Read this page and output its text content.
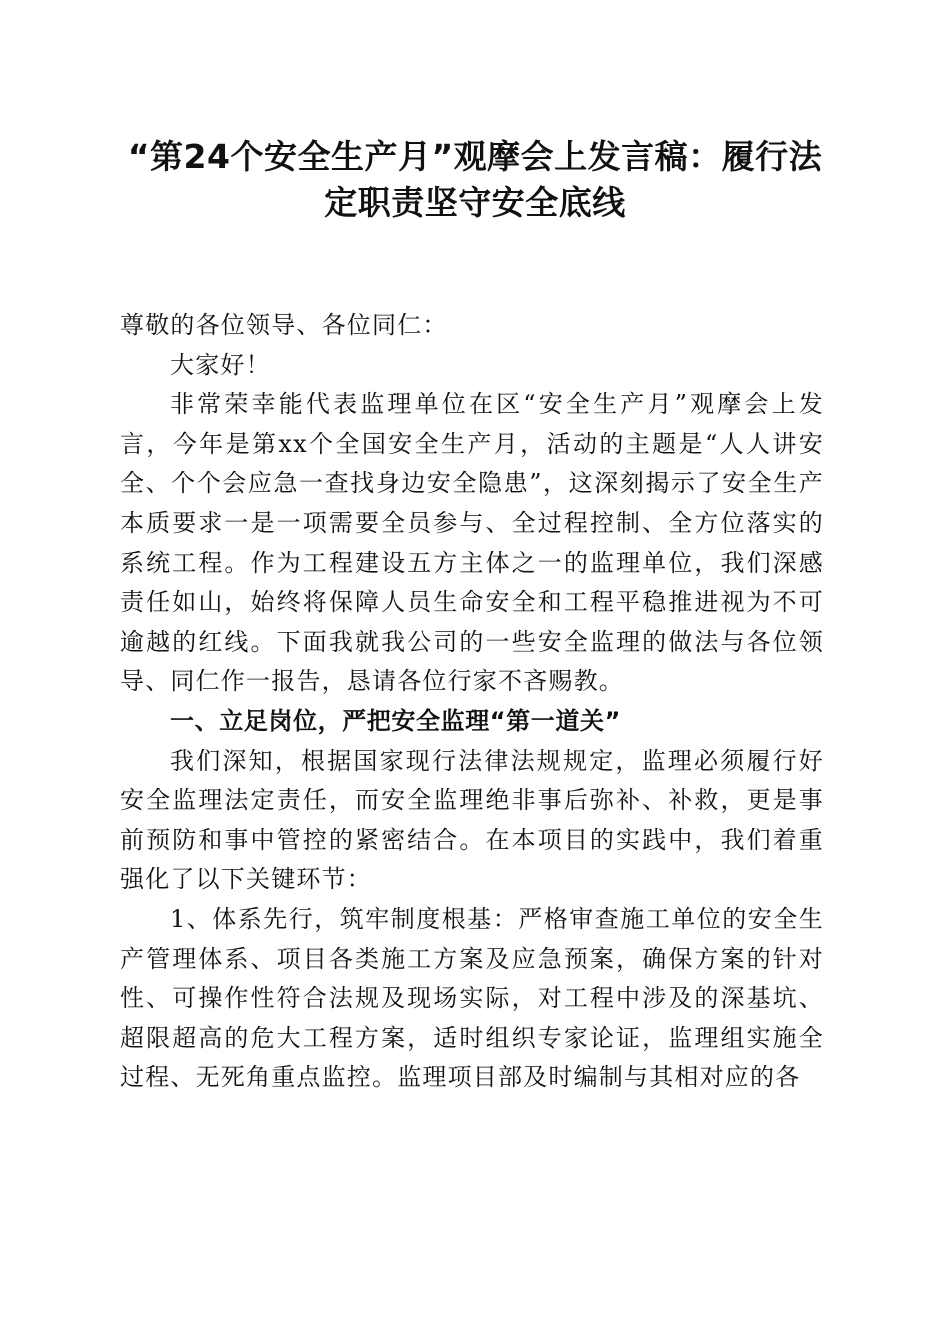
“第24个安全生产月”观摩会上发言稿：履行法定职责坚守安全底线

尊敬的各位领导、各位同仁：

大家好！

非常荣幸能代表监理单位在区“安全生产月”观摩会上发言，今年是第xx个全国安全生产月，活动的主题是“人人讲安全、个个会应急一查找身边安全隐患”，这深刻揭示了安全生产本质要求一是一项需要全员参与、全过程控制、全方位落实的系统工程。作为工程建设五方主体之一的监理单位，我们深感责任如山，始终将保障人员生命安全和工程平稳推进视为不可逾越的红线。下面我就我公司的一些安全监理的做法与各位领导、同仁作一报告，恳请各位行家不吝赐教。

一、立足岗位，严把安全监理“第一道关”

我们深知，根据国家现行法律法规规定，监理必须履行好安全监理法定责任，而安全监理绝非事后弥补、补救，更是事前预防和事中管控的紧密结合。在本项目的实践中，我们着重强化了以下关键环节：

1、体系先行，筑牢制度根基：严格审查施工单位的安全生产管理体系、项目各类施工方案及应急预案，确保方案的针对性、可操作性符合法规及现场实际，对工程中涉及的深基坑、超限超高的危大工程方案，适时组织专家论证，监理组实施全过程、无死角重点监控。监理项目部及时编制与其相对应的各
